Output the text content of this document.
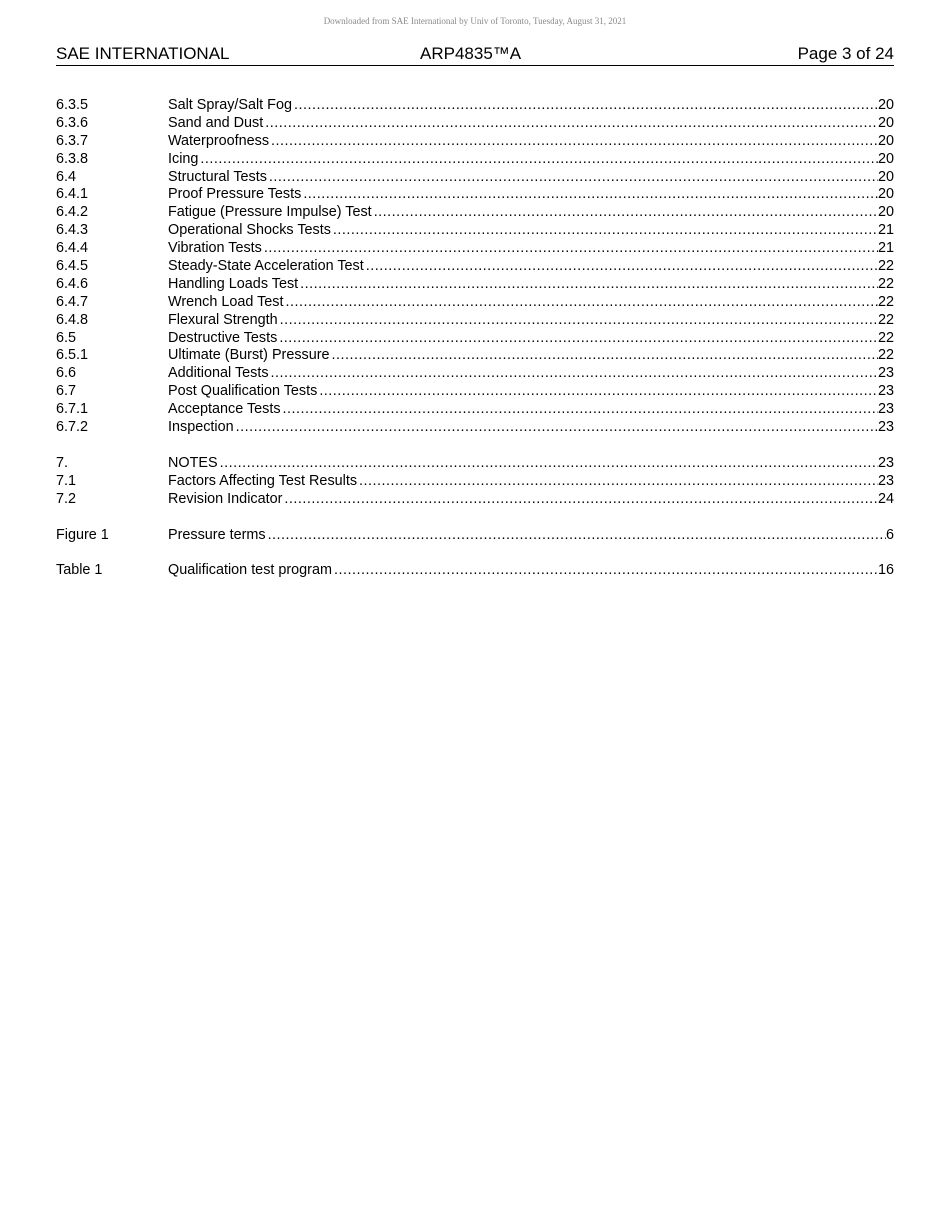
Downloaded from SAE International by Univ of Toronto, Tuesday, August 31, 2021
SAE INTERNATIONAL	ARP4835™A	Page 3 of 24
6.3.5	Salt Spray/Salt Fog .....	20
6.3.6	Sand and Dust .....	20
6.3.7	Waterproofness .....	20
6.3.8	Icing .....	20
6.4	Structural Tests .....	20
6.4.1	Proof Pressure Tests .....	20
6.4.2	Fatigue (Pressure Impulse) Test .....	20
6.4.3	Operational Shocks Tests .....	21
6.4.4	Vibration Tests .....	21
6.4.5	Steady-State Acceleration Test .....	22
6.4.6	Handling Loads Test .....	22
6.4.7	Wrench Load Test .....	22
6.4.8	Flexural Strength .....	22
6.5	Destructive Tests .....	22
6.5.1	Ultimate (Burst) Pressure .....	22
6.6	Additional Tests .....	23
6.7	Post Qualification Tests .....	23
6.7.1	Acceptance Tests .....	23
6.7.2	Inspection .....	23
7.	NOTES .....	23
7.1	Factors Affecting Test Results .....	23
7.2	Revision Indicator .....	24
Figure 1	Pressure terms .....	6
Table 1	Qualification test program .....	16
